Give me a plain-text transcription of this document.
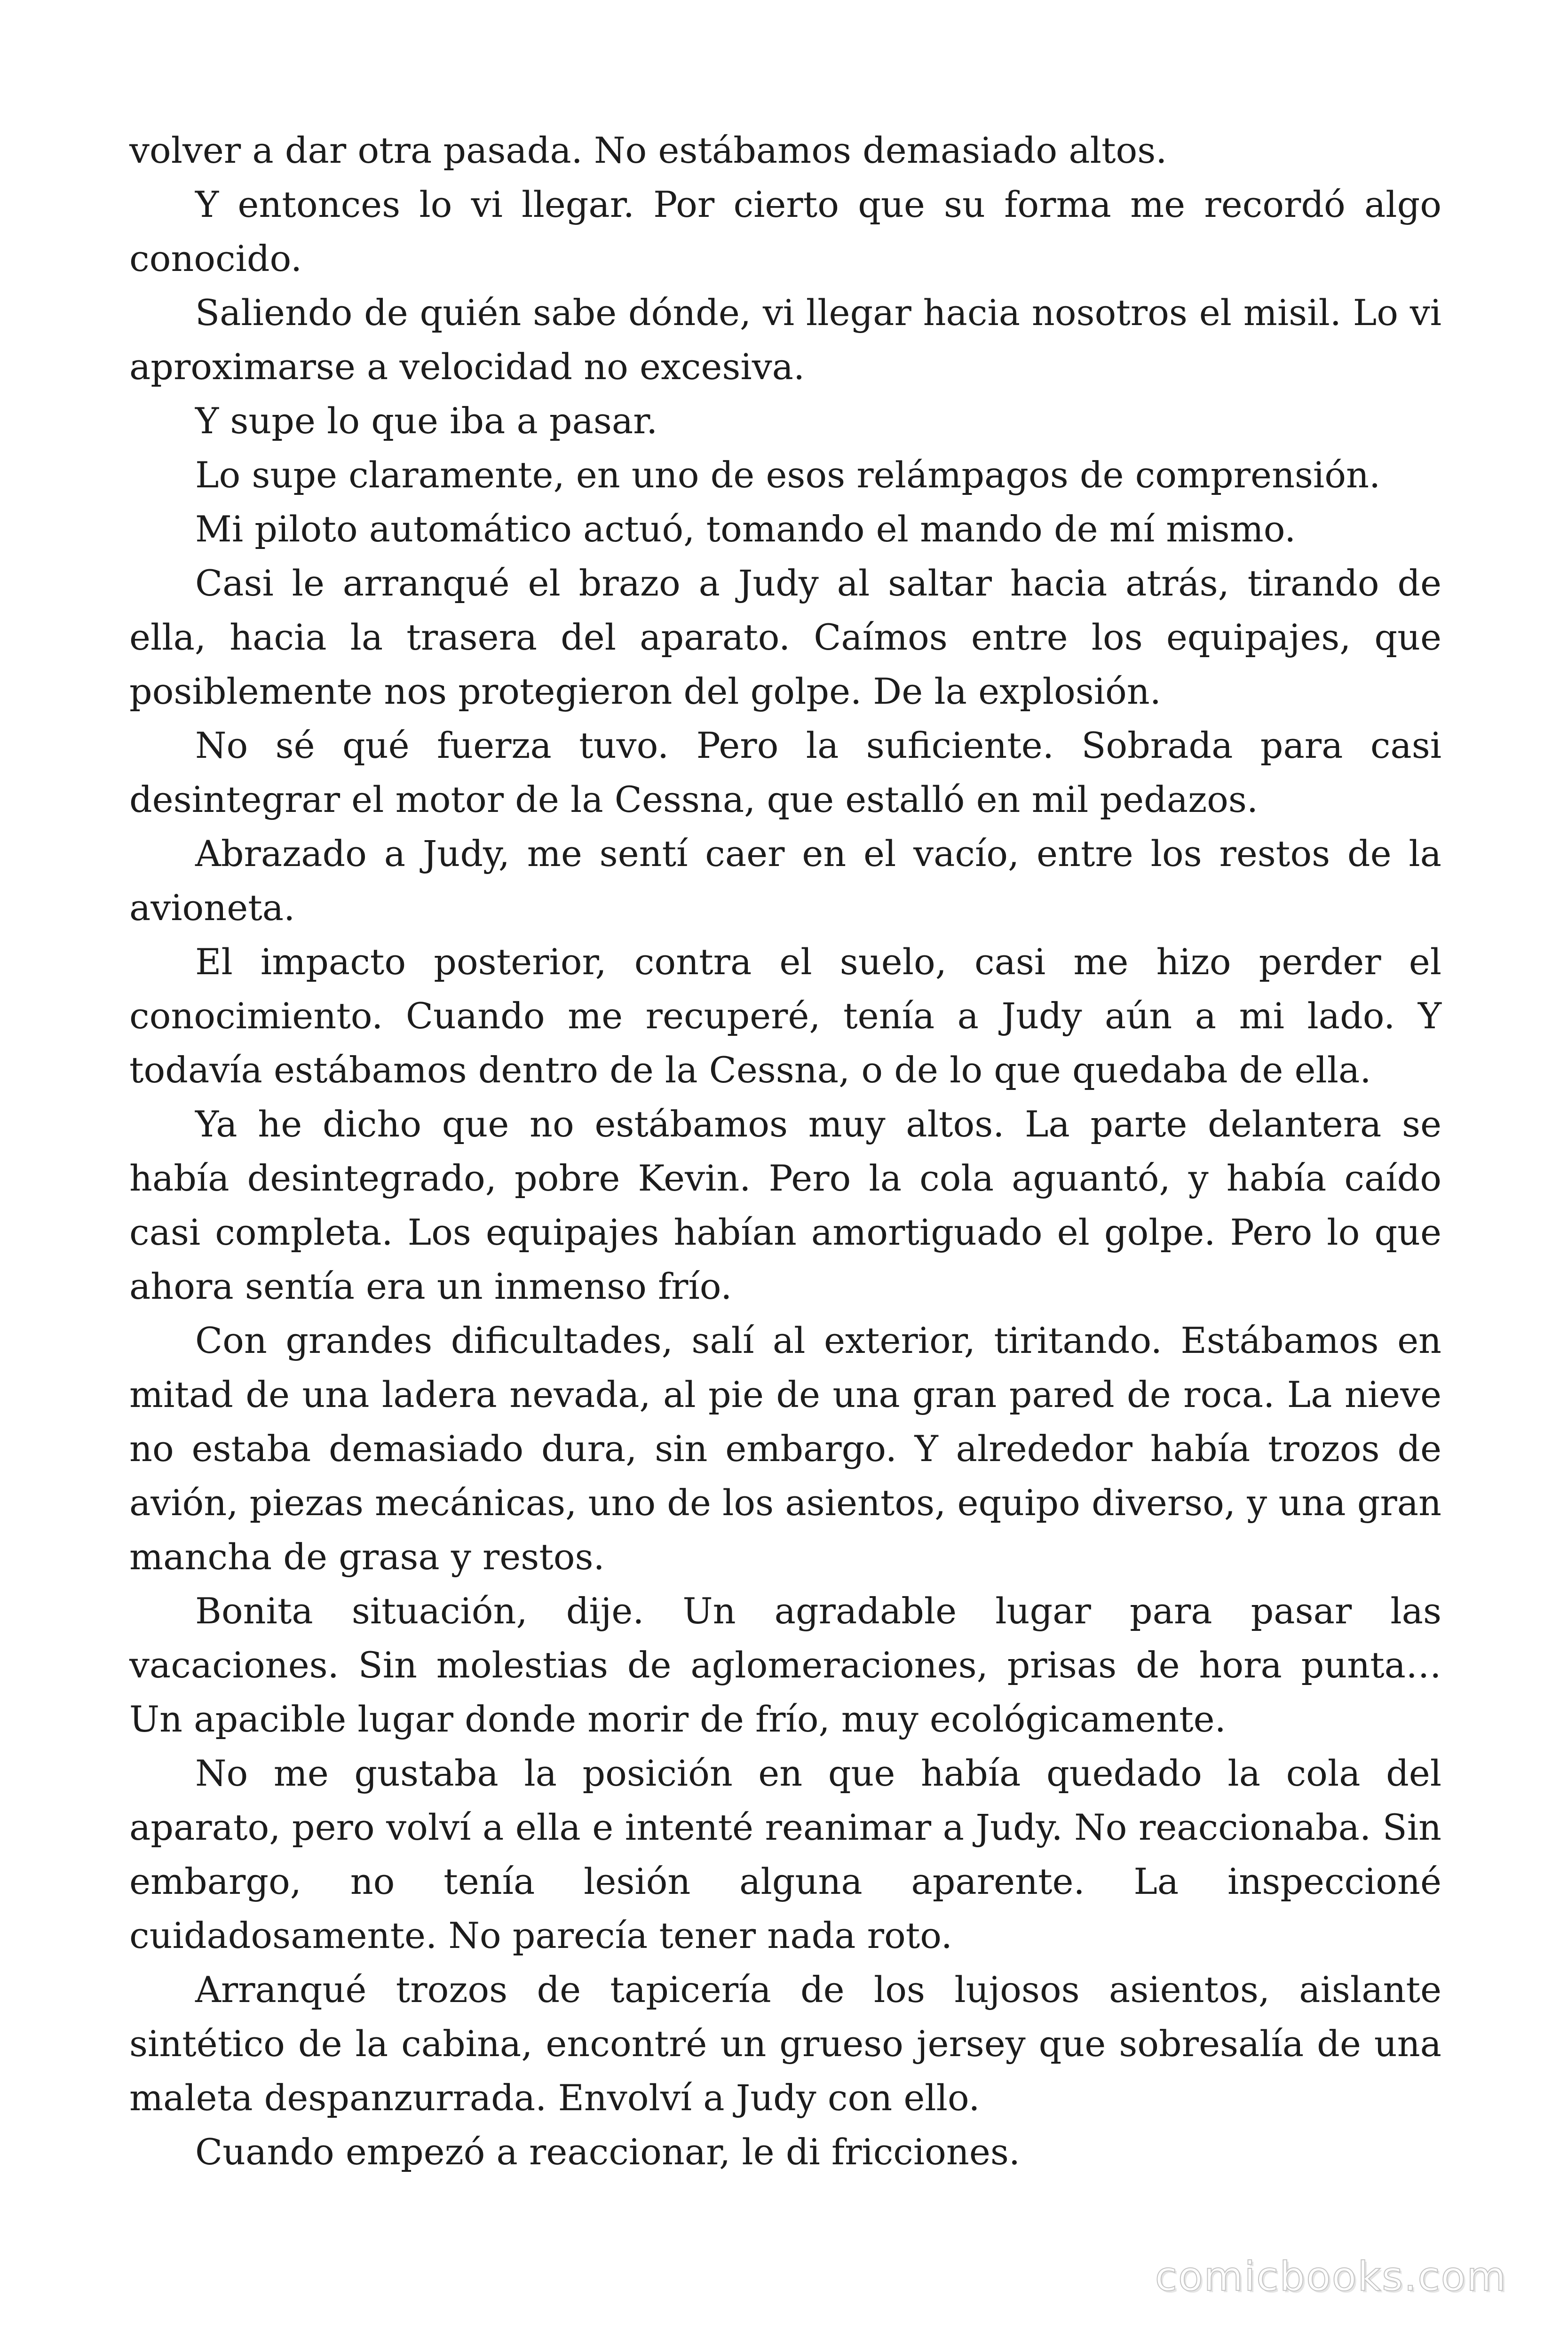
volver a dar otra pasada. No estábamos demasiado altos.

Y entonces lo vi llegar. Por cierto que su forma me recordó algo conocido.

Saliendo de quién sabe dónde, vi llegar hacia nosotros el misil. Lo vi aproximarse a velocidad no excesiva.

Y supe lo que iba a pasar.

Lo supe claramente, en uno de esos relámpagos de comprensión.

Mi piloto automático actuó, tomando el mando de mí mismo.

Casi le arranqué el brazo a Judy al saltar hacia atrás, tirando de ella, hacia la trasera del aparato. Caímos entre los equipajes, que posiblemente nos protegieron del golpe. De la explosión.

No sé qué fuerza tuvo. Pero la suficiente. Sobrada para casi desintegrar el motor de la Cessna, que estalló en mil pedazos.

Abrazado a Judy, me sentí caer en el vacío, entre los restos de la avioneta.

El impacto posterior, contra el suelo, casi me hizo perder el conocimiento. Cuando me recuperé, tenía a Judy aún a mi lado. Y todavía estábamos dentro de la Cessna, o de lo que quedaba de ella.

Ya he dicho que no estábamos muy altos. La parte delantera se había desintegrado, pobre Kevin. Pero la cola aguantó, y había caído casi completa. Los equipajes habían amortiguado el golpe. Pero lo que ahora sentía era un inmenso frío.

Con grandes dificultades, salí al exterior, tiritando. Estábamos en mitad de una ladera nevada, al pie de una gran pared de roca. La nieve no estaba demasiado dura, sin embargo. Y alrededor había trozos de avión, piezas mecánicas, uno de los asientos, equipo diverso, y una gran mancha de grasa y restos.

Bonita situación, dije. Un agradable lugar para pasar las vacaciones. Sin molestias de aglomeraciones, prisas de hora punta… Un apacible lugar donde morir de frío, muy ecológicamente.

No me gustaba la posición en que había quedado la cola del aparato, pero volví a ella e intenté reanimar a Judy. No reaccionaba. Sin embargo, no tenía lesión alguna aparente. La inspeccioné cuidadosamente. No parecía tener nada roto.

Arranqué trozos de tapicería de los lujosos asientos, aislante sintético de la cabina, encontré un grueso jersey que sobresalía de una maleta despanzurrada. Envolví a Judy con ello.

Cuando empezó a reaccionar, le di fricciones.

comicbooks.com
